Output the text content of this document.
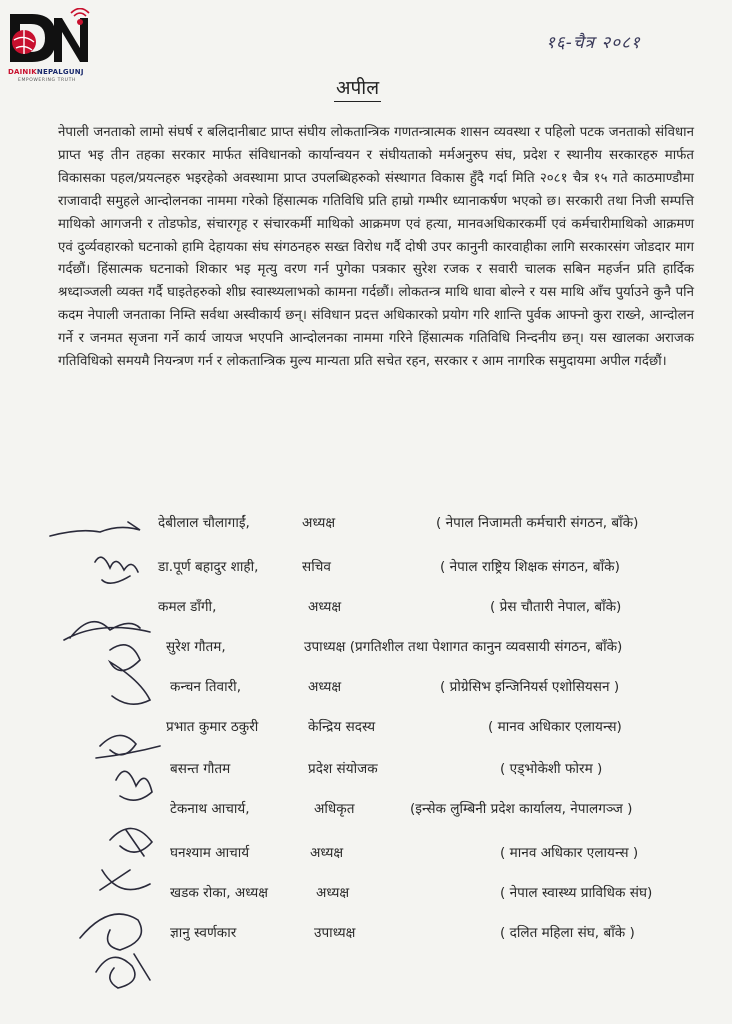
DAINIKNEPALGUNJ
EMPOWERING TRUTH
१६-चैत्र २०८१
अपील
नेपाली जनताको लामो संघर्ष र बलिदानीबाट प्राप्त संघीय लोकतान्त्रिक गणतन्त्रात्मक शासन व्यवस्था र पहिलो पटक जनताको संविधान प्राप्त भइ तीन तहका सरकार मार्फत संविधानको कार्यान्वयन र संघीयताको मर्मअनुरुप संघ, प्रदेश र स्थानीय सरकारहरु मार्फत विकासका पहल/प्रयत्नहरु भइरहेको अवस्थामा प्राप्त उपलब्धिहरुको संस्थागत विकास हुँदै गर्दा मिति २०८१ चैत्र १५ गते काठमाण्डौमा राजावादी समुहले आन्दोलनका नाममा गरेको हिंसात्मक गतिविधि प्रति हाम्रो गम्भीर ध्यानाकर्षण भएको छ। सरकारी तथा निजी सम्पत्ति माथिको आगजनी र तोडफोड, संचारगृह र संचारकर्मी माथिको आक्रमण एवं हत्या, मानवअधिकारकर्मी एवं कर्मचारीमाथिको आक्रमण एवं दुर्व्यवहारको घटनाको हामि देहायका संघ संगठनहरु सख्त विरोध गर्दै दोषी उपर कानुनी कारवाहीका लागि सरकारसंग जोडदार माग गर्दछौं। हिंसात्मक घटनाको शिकार भइ मृत्यु वरण गर्न पुगेका पत्रकार सुरेश रजक र सवारी चालक सबिन महर्जन प्रति हार्दिक श्रध्दाञ्जली व्यक्त गर्दै घाइतेहरुको शीघ्र स्वास्थ्यलाभको कामना गर्दछौं। लोकतन्त्र माथि धावा बोल्ने र यस माथि आँच पुर्याउने कुनै पनि कदम नेपाली जनताका निम्ति सर्वथा अस्वीकार्य छन्। संविधान प्रदत्त अधिकारको प्रयोग गरि शान्ति पुर्वक आफ्नो कुरा राख्ने, आन्दोलन गर्ने र जनमत सृजना गर्ने कार्य जायज भएपनि आन्दोलनका नाममा गरिने हिंसात्मक गतिविधि निन्दनीय छन्। यस खालका अराजक गतिविधिको समयमै नियन्त्रण गर्न र लोकतान्त्रिक मुल्य मान्यता प्रति सचेत रहन, सरकार र आम नागरिक समुदायमा अपील गर्दछौं।
देबीलाल चौलागाईं,	अध्यक्ष	( नेपाल निजामती कर्मचारी संगठन, बाँके)
डा.पूर्ण बहादुर शाही,	सचिव	( नेपाल राष्ट्रिय शिक्षक संगठन, बाँके)
कमल डाँगी,	अध्यक्ष	( प्रेस चौतारी नेपाल, बाँके)
सुरेश गौतम,	उपाध्यक्ष (प्रगतिशील तथा पेशागत कानुन व्यवसायी संगठन, बाँके)
कन्चन तिवारी,	अध्यक्ष	( प्रोग्रेसिभ इन्जिनियर्स एशोसियसन )
प्रभात कुमार ठकुरी	केन्द्रिय सदस्य	( मानव अधिकार एलायन्स)
बसन्त गौतम	प्रदेश संयोजक	( एड्भोकेशी फोरम )
टेकनाथ आचार्य,	अधिकृत	(इन्सेक लुम्बिनी प्रदेश कार्यालय, नेपालगञ्ज )
घनश्याम आचार्य	अध्यक्ष	( मानव अधिकार एलायन्स )
खडक रोका, अध्यक्ष	अध्यक्ष	( नेपाल स्वास्थ्य प्राविधिक संघ)
ज्ञानु स्वर्णकार	उपाध्यक्ष	( दलित महिला संघ, बाँके )
